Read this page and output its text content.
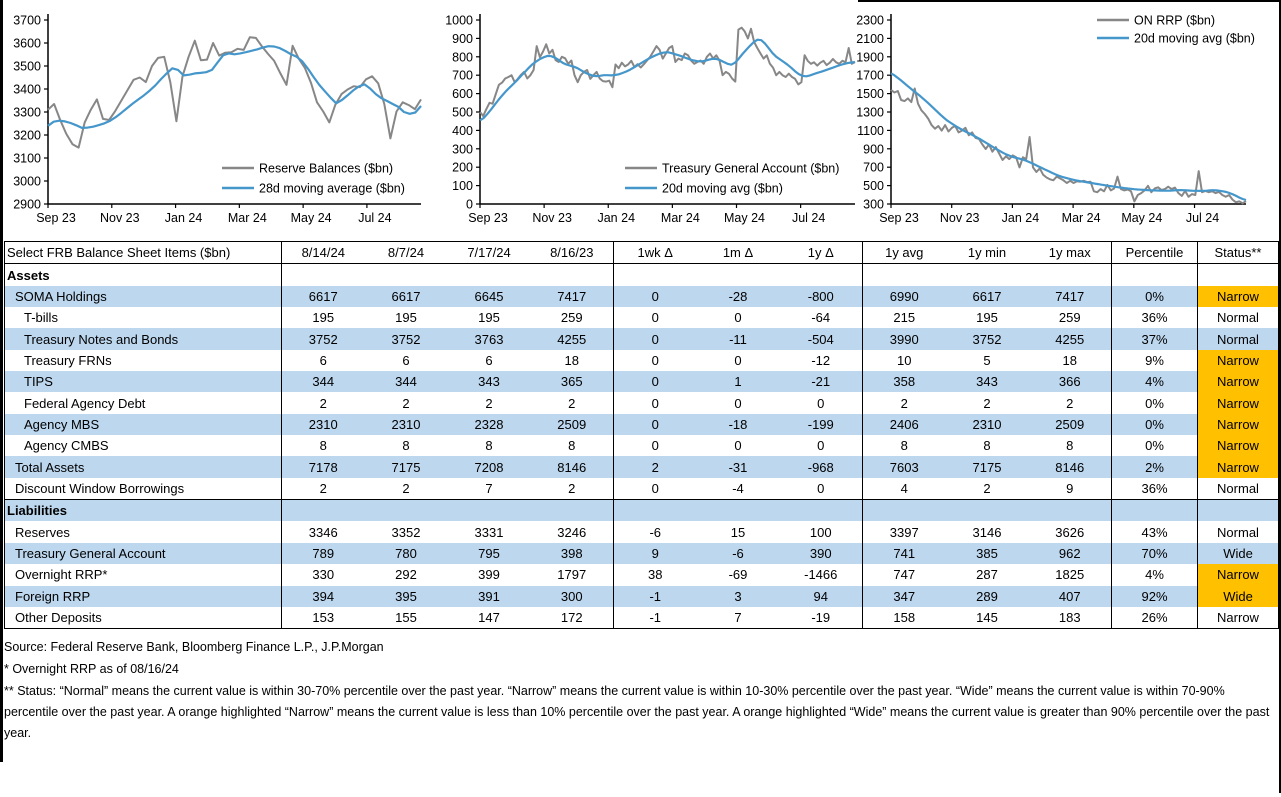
3700
3600
3500
3400
3300
3200
3100
3000
2900
Sep 23 Nov 23 Jan 24 Mar 24 May 24 Jul 24
Reserve Balances ($bn)
28d moving average ($bn)

1000
900
800
700
600
500
400
300
200
100
0
Sep 23 Nov 23 Jan 24 Mar 24 May 24 Jul 24
Treasury General Account ($bn)
20d moving avg ($bn)

2300
2100
1900
1700
1500
1300
1100
900
700
500
300
Sep 23 Nov 23 Jan 24 Mar 24 May 24 Jul 24
ON RRP ($bn)
20d moving avg ($bn)
Select FRB Balance Sheet Items ($bn)	8/14/24	8/7/24	7/17/24	8/16/23	1wk Δ	1m Δ	1y Δ	1y avg	1y min	1y max	Percentile	Status**
Assets												
SOMA Holdings	6617	6617	6645	7417	0	-28	-800	6990	6617	7417	0%	Narrow
T-bills	195	195	195	259	0	0	-64	215	195	259	36%	Normal
Treasury Notes and Bonds	3752	3752	3763	4255	0	-11	-504	3990	3752	4255	37%	Normal
Treasury FRNs	6	6	6	18	0	0	-12	10	5	18	9%	Narrow
TIPS	344	344	343	365	0	1	-21	358	343	366	4%	Narrow
Federal Agency Debt	2	2	2	2	0	0	0	2	2	2	0%	Narrow
Agency MBS	2310	2310	2328	2509	0	-18	-199	2406	2310	2509	0%	Narrow
Agency CMBS	8	8	8	8	0	0	0	8	8	8	0%	Narrow
Total Assets	7178	7175	7208	8146	2	-31	-968	7603	7175	8146	2%	Narrow
Discount Window Borrowings	2	2	7	2	0	-4	0	4	2	9	36%	Normal
Liabilities												
Reserves	3346	3352	3331	3246	-6	15	100	3397	3146	3626	43%	Normal
Treasury General Account	789	780	795	398	9	-6	390	741	385	962	70%	Wide
Overnight RRP*	330	292	399	1797	38	-69	-1466	747	287	1825	4%	Narrow
Foreign RRP	394	395	391	300	-1	3	94	347	289	407	92%	Wide
Other Deposits	153	155	147	172	-1	7	-19	158	145	183	26%	Narrow
Source: Federal Reserve Bank, Bloomberg Finance L.P., J.P.Morgan
* Overnight RRP as of 08/16/24
** Status: “Normal” means the current value is within 30-70% percentile over the past year. “Narrow” means the current value is within 10-30% percentile over the past year. “Wide” means the current value is within 70-90% percentile over the past year. A orange highlighted “Narrow” means the current value is less than 10% percentile over the past year. A orange highlighted “Wide” means the current value is greater than 90% percentile over the past year.
